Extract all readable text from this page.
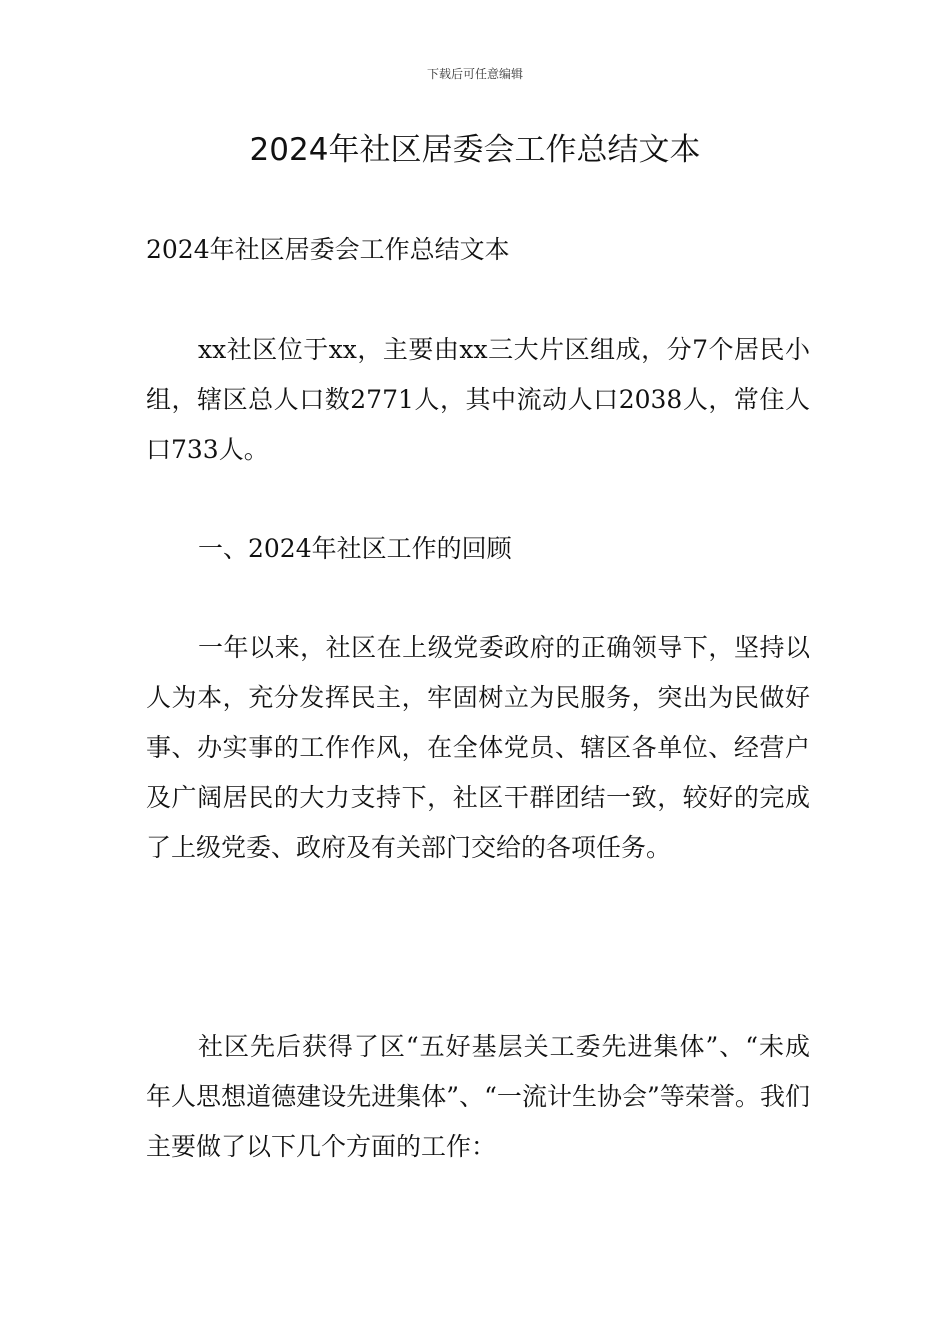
下载后可任意编辑
2024年社区居委会工作总结文本

2024年社区居委会工作总结文本

xx社区位于xx，主要由xx三大片区组成，分7个居民小组，辖区总人口数2771人，其中流动人口2038人，常住人口733人。

一、2024年社区工作的回顾

一年以来，社区在上级党委政府的正确领导下，坚持以人为本，充分发挥民主，牢固树立为民服务，突出为民做好事、办实事的工作作风，在全体党员、辖区各单位、经营户及广阔居民的大力支持下，社区干群团结一致，较好的完成了上级党委、政府及有关部门交给的各项任务。

社区先后获得了区“五好基层关工委先进集体”、“未成年人思想道德建设先进集体”、“一流计生协会”等荣誉。我们主要做了以下几个方面的工作：
